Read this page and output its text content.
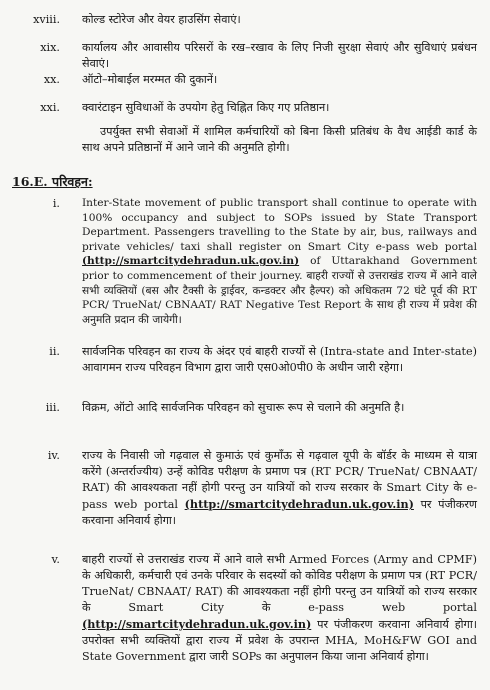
xviii. कोल्ड स्टोरेज और वेयर हाउसिंग सेवाएं।
xix. कार्यालय और आवासीय परिसरों के रख–रखाव के लिए निजी सुरक्षा सेवाएं और सुविधाएं प्रबंधन सेवाएं।
xx. ऑटो–मोबाईल मरम्मत की दुकानें।
xxi. क्वारंटाइन सुविधाओं के उपयोग हेतु चिह्नित किए गए प्रतिष्ठान।
उपर्युक्त सभी सेवाओं में शामिल कर्मचारियों को बिना किसी प्रतिबंध के वैध आईडी कार्ड के साथ अपने प्रतिष्ठानों में आने जाने की अनुमति होगी।
16.E. परिवहन:
i. Inter-State movement of public transport shall continue to operate with 100% occupancy and subject to SOPs issued by State Transport Department. Passengers travelling to the State by air, bus, railways and private vehicles/ taxi shall register on Smart City e-pass web portal (http://smartcitydehradun.uk.gov.in) of Uttarakhand Government prior to commencement of their journey. बाहरी राज्यों से उत्तराखंड राज्य में आने वाले सभी व्यक्तियों (बस और टैक्सी के ड्राईवर, कन्डक्टर और हैल्पर) को अधिकतम 72 घंटे पूर्व की RT PCR/ TrueNat/ CBNAAT/ RAT Negative Test Report के साथ ही राज्य में प्रवेश की अनुमति प्रदान की जायेगी।
ii. सार्वजनिक परिवहन का राज्य के अंदर एवं बाहरी राज्यों से (Intra-state and Inter-state) आवागमन राज्य परिवहन विभाग द्वारा जारी एस0ओ0पी0 के अधीन जारी रहेगा।
iii. विक्रम, ऑटो आदि सार्वजनिक परिवहन को सुचारू रूप से चलाने की अनुमति है।
iv. राज्य के निवासी जो गढ़वाल से कुमाऊं एवं कुमाँऊ से गढ़वाल यूपी के बॉर्डर के माध्यम से यात्रा करेंगे (अन्तर्राज्यीय) उन्हें कोविड परीक्षण के प्रमाण पत्र (RT PCR/ TrueNat/ CBNAAT/ RAT) की आवश्यकता नहीं होगी परन्तु उन यात्रियों को राज्य सरकार के Smart City के e-pass web portal (http://smartcitydehradun.uk.gov.in) पर पंजीकरण करवाना अनिवार्य होगा।
v. बाहरी राज्यों से उत्तराखंड राज्य में आने वाले सभी Armed Forces (Army and CPMF) के अधिकारी, कर्मचारी एवं उनके परिवार के सदस्यों को कोविड परीक्षण के प्रमाण पत्र (RT PCR/ TrueNat/ CBNAAT/ RAT) की आवश्यकता नहीं होगी परन्तु उन यात्रियों को राज्य सरकार के Smart City के e-pass web portal (http://smartcitydehradun.uk.gov.in) पर पंजीकरण करवाना अनिवार्य होगा। उपरोक्त सभी व्यक्तियों द्वारा राज्य में प्रवेश के उपरान्त MHA, MoH&FW GOI and State Government द्वारा जारी SOPs का अनुपालन किया जाना अनिवार्य होगा।
